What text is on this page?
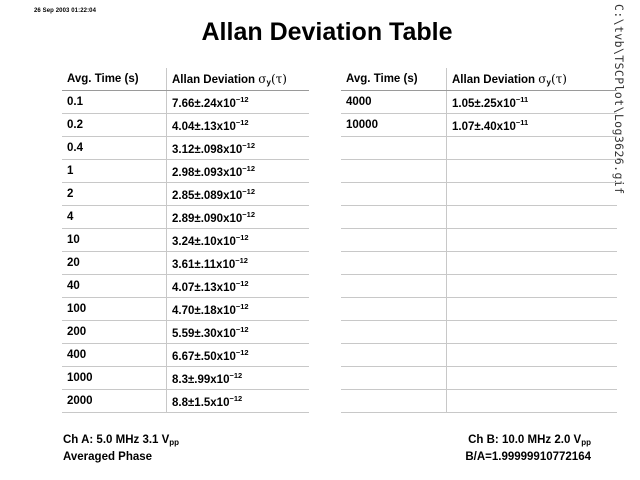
26 Sep 2003 01:22:04	C:\tvb\TSCPlot\Log3626.gif
Allan Deviation Table
Avg. Time (s)	Allan Deviation $\sigma_y(\tau)$
0.1	$7.66\pm.24x10^{-12}$
0.2	$4.04\pm.13x10^{-12}$
0.4	$3.12\pm.098x10^{-12}$
1	$2.98\pm.093x10^{-12}$
2	$2.85\pm.089x10^{-12}$
4	$2.89\pm.090x10^{-12}$
10	$3.24\pm.10x10^{-12}$
20	$3.61\pm.11x10^{-12}$
40	$4.07\pm.13x10^{-12}$
100	$4.70\pm.18x10^{-12}$
200	$5.59\pm.30x10^{-12}$
400	$6.67\pm.50x10^{-12}$
1000	$8.3\pm.99x10^{-12}$
2000	$8.8\pm 1.5x10^{-12}$
Avg. Time (s)	Allan Deviation $\sigma_y(\tau)$
4000	$1.05\pm.25x10^{-11}$
10000	$1.07\pm.40x10^{-11}$

Ch A: 5.0 MHz 3.1 Vpp
Averaged Phase
Ch B: 10.0 MHz 2.0 Vpp
B/A=1.99999910772164
